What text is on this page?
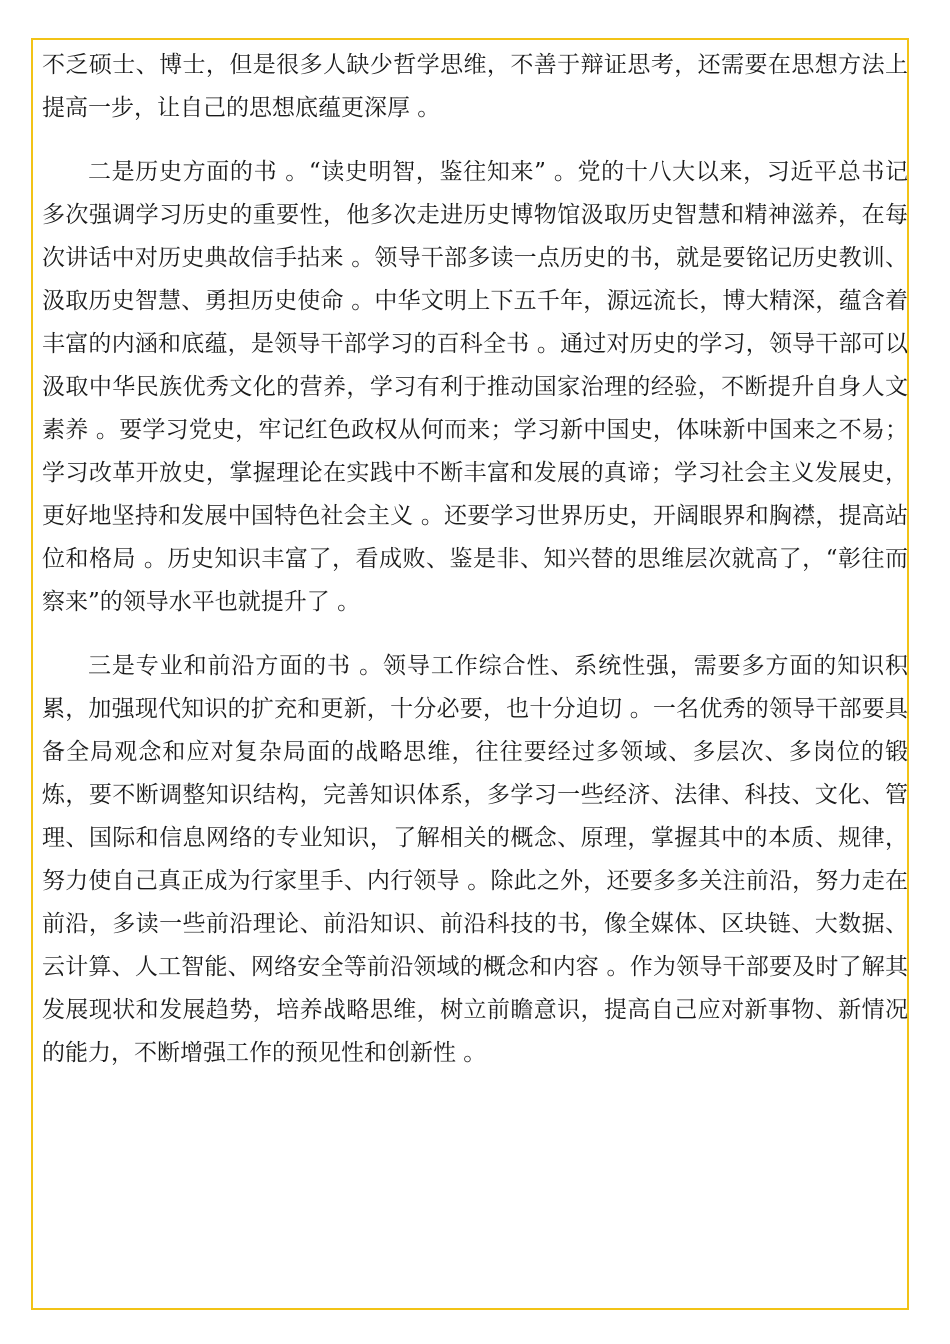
不乏硕士、博士，但是很多人缺少哲学思维，不善于辩证思考，还需要在思想方法上提高一步，让自己的思想底蕴更深厚 。

二是历史方面的书 。“读史明智，鉴往知来” 。党的十八大以来，习近平总书记多次强调学习历史的重要性，他多次走进历史博物馆汲取历史智慧和精神滋养，在每次讲话中对历史典故信手拈来 。领导干部多读一点历史的书，就是要铭记历史教训、汲取历史智慧、勇担历史使命 。中华文明上下五千年，源远流长，博大精深，蕴含着丰富的内涵和底蕴，是领导干部学习的百科全书 。通过对历史的学习，领导干部可以汲取中华民族优秀文化的营养，学习有利于推动国家治理的经验，不断提升自身人文素养 。要学习党史，牢记红色政权从何而来；学习新中国史，体味新中国来之不易；学习改革开放史，掌握理论在实践中不断丰富和发展的真谛；学习社会主义发展史，更好地坚持和发展中国特色社会主义 。还要学习世界历史，开阔眼界和胸襟，提高站位和格局 。历史知识丰富了，看成败、鉴是非、知兴替的思维层次就高了，“彰往而察来”的领导水平也就提升了 。

三是专业和前沿方面的书 。领导工作综合性、系统性强，需要多方面的知识积累，加强现代知识的扩充和更新，十分必要，也十分迫切 。一名优秀的领导干部要具备全局观念和应对复杂局面的战略思维，往往要经过多领域、多层次、多岗位的锻炼，要不断调整知识结构，完善知识体系，多学习一些经济、法律、科技、文化、管理、国际和信息网络的专业知识，了解相关的概念、原理，掌握其中的本质、规律，努力使自己真正成为行家里手、内行领导 。除此之外，还要多多关注前沿，努力走在前沿，多读一些前沿理论、前沿知识、前沿科技的书，像全媒体、区块链、大数据、云计算、人工智能、网络安全等前沿领域的概念和内容 。作为领导干部要及时了解其发展现状和发展趋势，培养战略思维，树立前瞻意识，提高自己应对新事物、新情况的能力，不断增强工作的预见性和创新性 。
